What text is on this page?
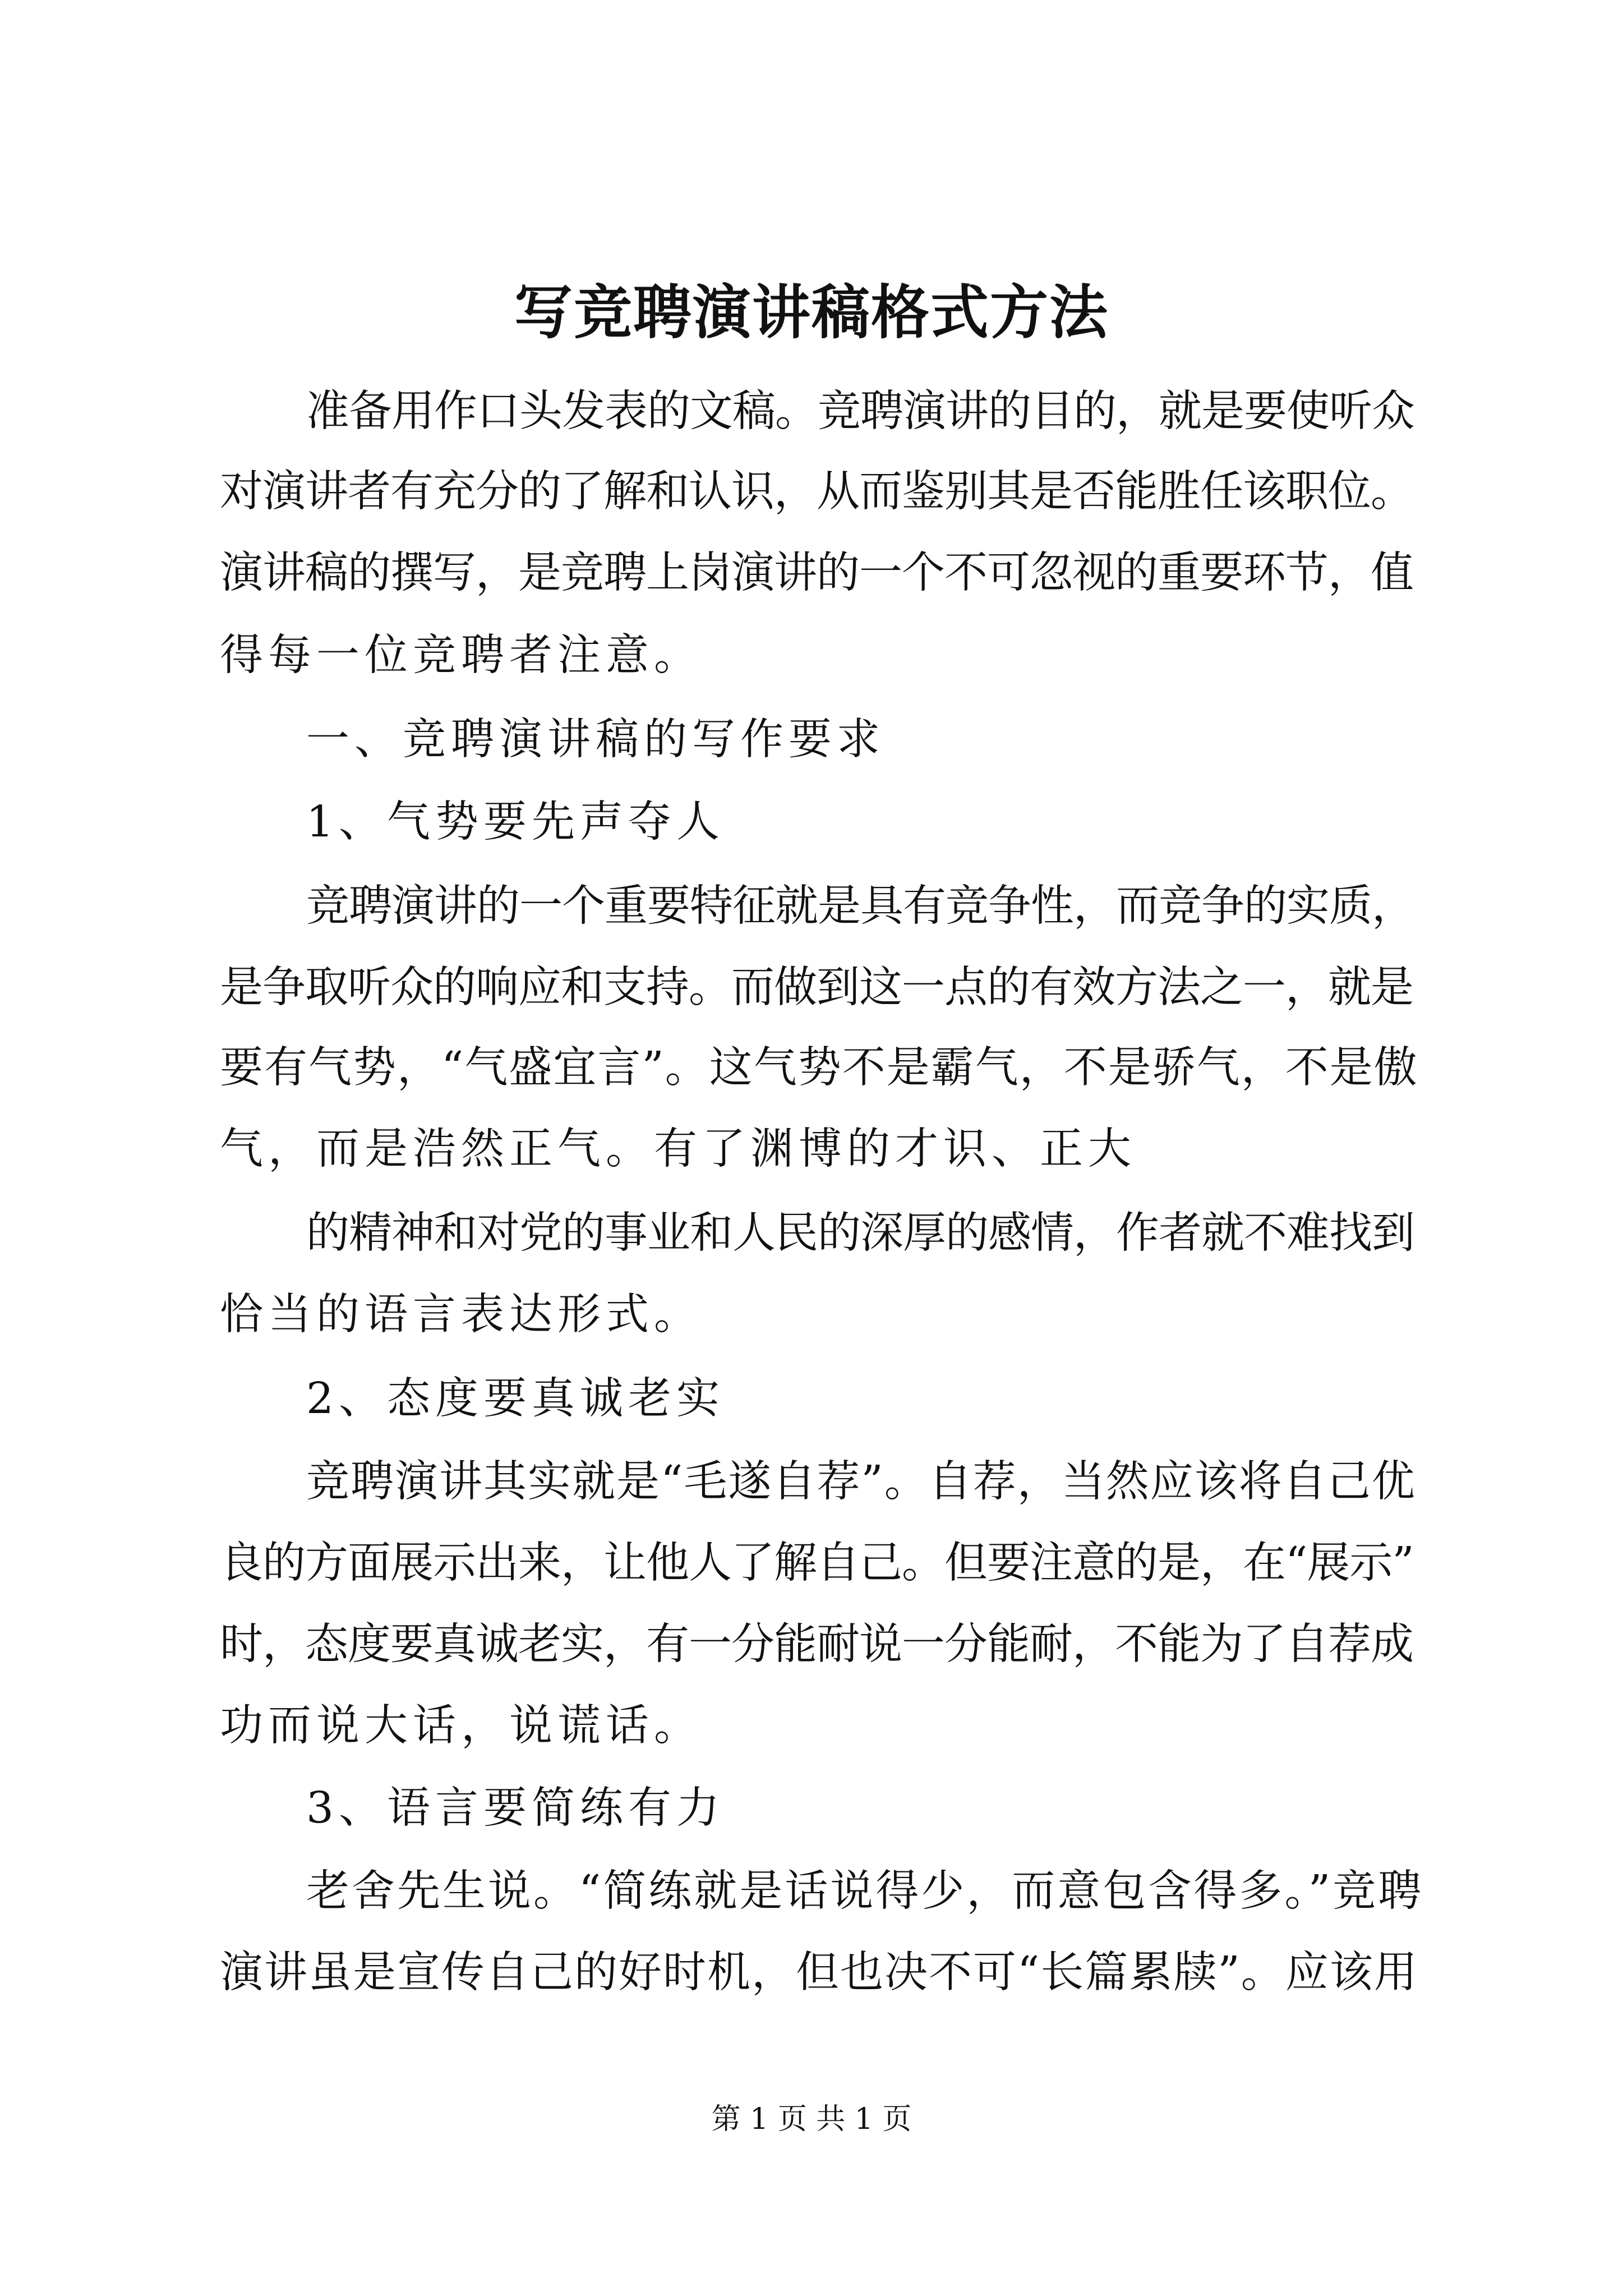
写竞聘演讲稿格式方法
准备用作口头发表的文稿。竞聘演讲的目的，就是要使听众
对演讲者有充分的了解和认识，从而鉴别其是否能胜任该职位。
演讲稿的撰写，是竞聘上岗演讲的一个不可忽视的重要环节，值
得每一位竞聘者注意。
一、竞聘演讲稿的写作要求
1、气势要先声夺人
竞聘演讲的一个重要特征就是具有竞争性，而竞争的实质，
是争取听众的响应和支持。而做到这一点的有效方法之一，就是
要有气势，“气盛宜言”。这气势不是霸气，不是骄气，不是傲
气，而是浩然正气。有了渊博的才识、正大
的精神和对党的事业和人民的深厚的感情，作者就不难找到
恰当的语言表达形式。
2、态度要真诚老实
竞聘演讲其实就是“毛遂自荐”。自荐，当然应该将自己优
良的方面展示出来，让他人了解自己。但要注意的是，在“展示”
时，态度要真诚老实，有一分能耐说一分能耐，不能为了自荐成
功而说大话，说谎话。
3、语言要简练有力
老舍先生说。“简练就是话说得少，而意包含得多。”竞聘
演讲虽是宣传自己的好时机，但也决不可“长篇累牍”。应该用
第 1 页 共 1 页
